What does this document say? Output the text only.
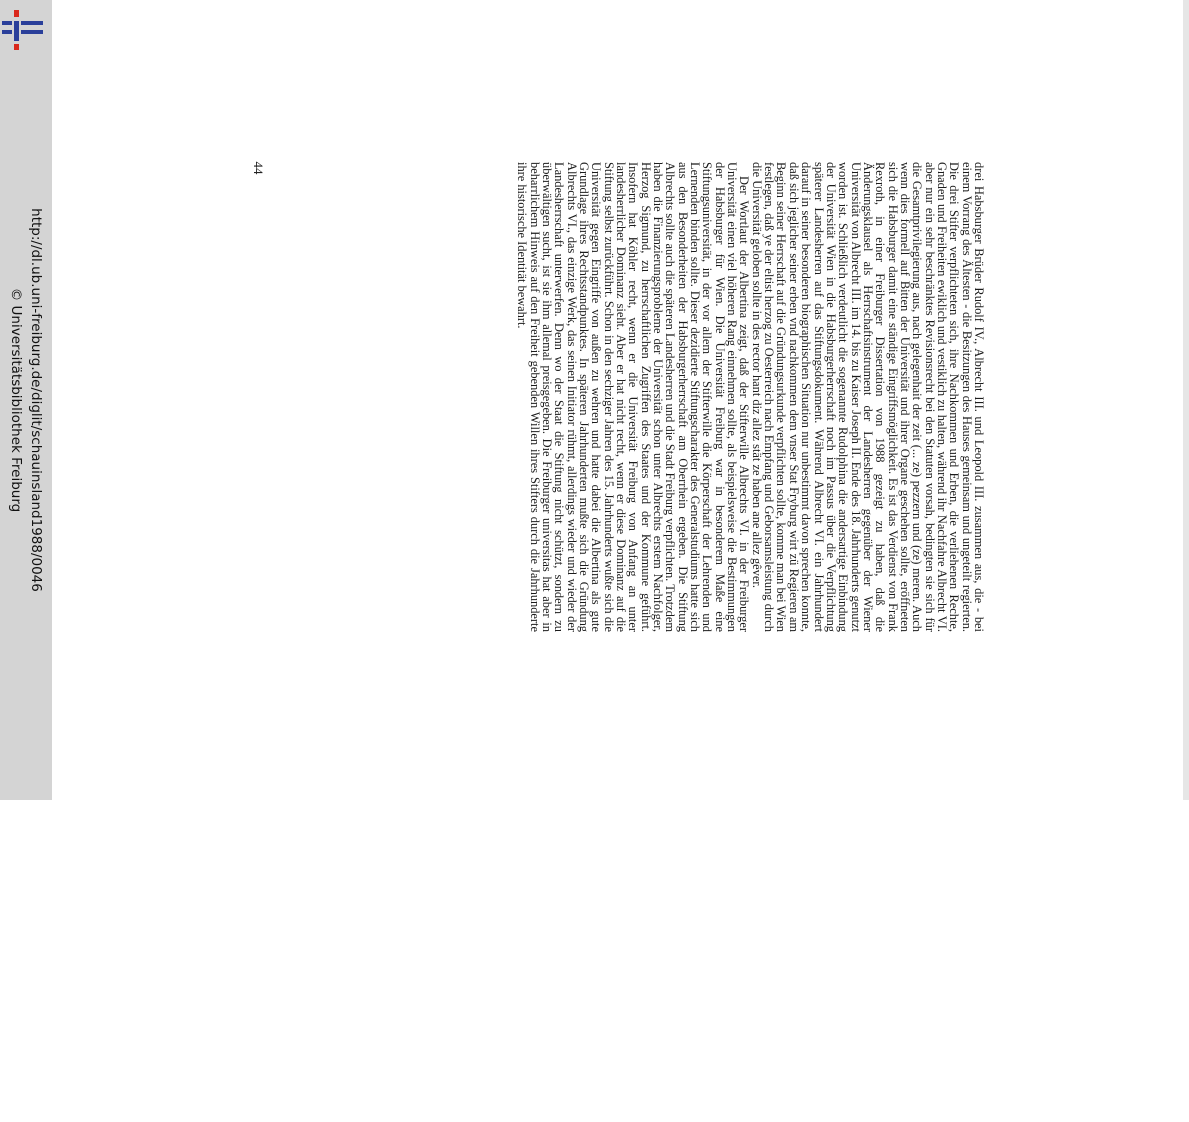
http://dl.ub.uni-freiburg.de/diglit/schauinsland1988/0046
© Universitätsbibliothek Freiburg
44	drei Habsburger Brüder Rudolf IV., Albrecht III. und Leopold III. zusammen aus, die - bei einem Vorrang des Ältesten - die Besitzungen des Hauses gemeinsam und ungeteilt regierten. Die drei Stifter verpflichteten sich, ihre Nachkommen und Erben, die verliehenen Rechte, Gnaden und Freiheiten ewiklich und vestiklich zu halten, während ihr Nachfahre Albrecht VI. aber nur ein sehr beschränktes Revisionsrecht bei den Statuten vorsah, bedingten sie sich für die Gesamtprivilegierung aus, nach gelegenhait der zeit (... ze) pezzern und (ze) meren. Auch wenn dies formell auf Bitten der Universität und ihrer Organe geschehen sollte, eröffneten sich die Habsburger damit eine ständige Eingriffsmöglichkeit. Es ist das Verdienst von Frank Rexroth, in einer Freiburger Dissertation von 1988 gezeigt zu haben, daß die Änderungsklausel als Herrschaftsinstrument der Landesherren gegenüber der Wiener Universität von Albrecht III. im 14. bis zu Kaiser Joseph II. Ende des 18. Jahrhunderts genutzt worden ist. Schließlich verdeutlicht die sogenannte Rudolphina die andersartige Einbindung der Universität Wien in die Habsburgerherrschaft noch im Passus über die Verpflichtung späterer Landesherren auf das Stiftungsdokument. Während Albrecht VI. ein Jahrhundert darauf in seiner besonderen biographischen Situation nur unbestimmt davon sprechen konnte, daß sich jeglicher seiner erben vnd nachkommen dem vnser Stat Fryburg wirt zü Regieren am Beginn seiner Herrschaft auf die Gründungsurkunde verpflichten sollte, komme man bei Wien festlegen, daß ye der eltist herzog zu Oesterreich nach Empfang und Geborsamsleistung durch die Universität geloben sollte in des rector hant diz allez stät ze haben ane allez gêver.

Der Wortlaut der Albertina zeigt, daß der Stifterwille Albrechts VI. in der Freiburger Universität einen viel höheren Rang einnehmen sollte, als beispielsweise die Bestimmungen der Habsburger für Wien. Die Universität Freiburg war in besonderem Maße eine Stiftungsuniversität, in der vor allem der Stifterwille die Körperschaft der Lehrenden und Lernenden binden sollte. Dieser dezidierte Stiftungscharakter des Generalstudiums hatte sich aus den Besonderheiten der Habsburgerherrschaft am Oberrhein ergeben. Die Stiftung Albrechts sollte auch die späteren Landesherren und die Stadt Freiburg verpflichten. Trotzdem haben die Finanzierungsprobleme der Universität schon unter Albrechts erstem Nachfolger, Herzog Sigmund, zu herrschaftlichen Zugriffen des Staates und der Kommune geführt. Insofern hat Köhler recht, wenn er die Universität Freiburg von Anfang an unter landesherrlicher Dominanz sieht. Aber er hat nicht recht, wenn er diese Dominanz auf die Stiftung selbst zurückführt. Schon in den sechziger Jahren des 15. Jahrhunderts wußte sich die Universität gegen Eingriffe von außen zu wehren und hatte dabei die Albertina als gute Grundlage ihres Rechtsstandpunktes. In späteren Jahrhunderten mußte sich die Gründung Albrechts VI., das einzige Werk, das seinen Initiator rühmt, allerdings wieder und wieder der Landesherrschaft unterwerfen. Denn wo der Staat die Stiftung nicht schützt, sondern zu überwältigen sucht, ist sie ihm allemal preisgegeben. Die Freiburger universitas hat aber in beharrlichem Hinweis auf den Freiheit gebenden Willen ihres Stifters durch die Jahrhunderte ihre historische Identität bewahrt.
